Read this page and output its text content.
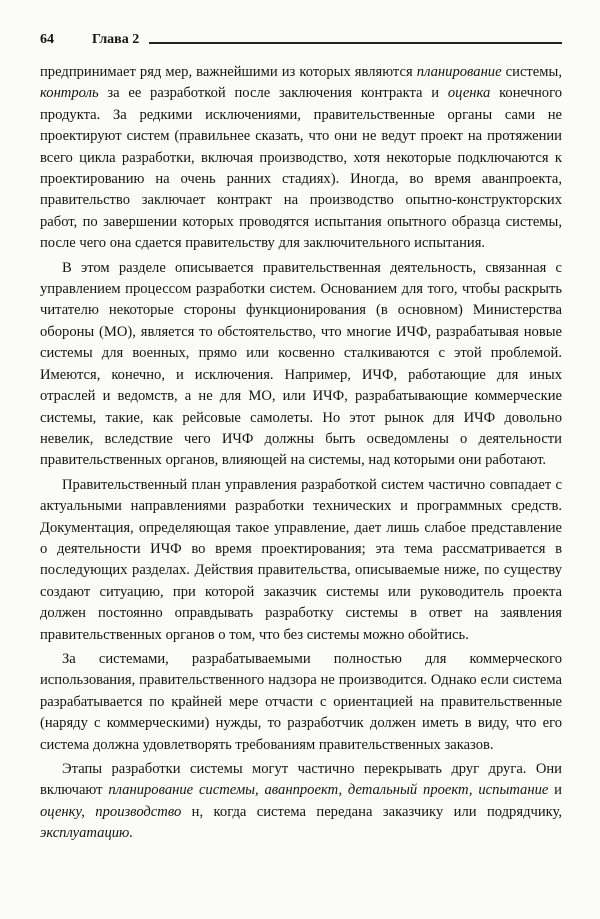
64	Глава 2

предпринимает ряд мер, важнейшими из которых являются планирование системы, контроль за ее разработкой после заключения контракта и оценка конечного продукта. За редкими исключениями, правительственные органы сами не проектируют систем (правильнее сказать, что они не ведут проект на протяжении всего цикла разработки, включая производство, хотя некоторые подключаются к проектированию на очень ранних стадиях). Иногда, во время аванпроекта, правительство заключает контракт на производство опытно-конструкторских работ, по завершении которых проводятся испытания опытного образца системы, после чего она сдается правительству для заключительного испытания.

В этом разделе описывается правительственная деятельность, связанная с управлением процессом разработки систем. Основанием для того, чтобы раскрыть читателю некоторые стороны функционирования (в основном) Министерства обороны (МО), является то обстоятельство, что многие ИЧФ, разрабатывая новые системы для военных, прямо или косвенно сталкиваются с этой проблемой. Имеются, конечно, и исключения. Например, ИЧФ, работающие для иных отраслей и ведомств, а не для МО, или ИЧФ, разрабатывающие коммерческие системы, такие, как рейсовые самолеты. Но этот рынок для ИЧФ довольно невелик, вследствие чего ИЧФ должны быть осведомлены о деятельности правительственных органов, влияющей на системы, над которыми они работают.

Правительственный план управления разработкой систем частично совпадает с актуальными направлениями разработки технических и программных средств. Документация, определяющая такое управление, дает лишь слабое представление о деятельности ИЧФ во время проектирования; эта тема рассматривается в последующих разделах. Действия правительства, описываемые ниже, по существу создают ситуацию, при которой заказчик системы или руководитель проекта должен постоянно оправдывать разработку системы в ответ на заявления правительственных органов о том, что без системы можно обойтись.

За системами, разрабатываемыми полностью для коммерческого использования, правительственного надзора не производится. Однако если система разрабатывается по крайней мере отчасти с ориентацией на правительственные (наряду с коммерческими) нужды, то разработчик должен иметь в виду, что его система должна удовлетворять требованиям правительственных заказов.

Этапы разработки системы могут частично перекрывать друг друга. Они включают планирование системы, аванпроект, детальный проект, испытание и оценку, производство н, когда система передана заказчику или подрядчику, эксплуатацию.
